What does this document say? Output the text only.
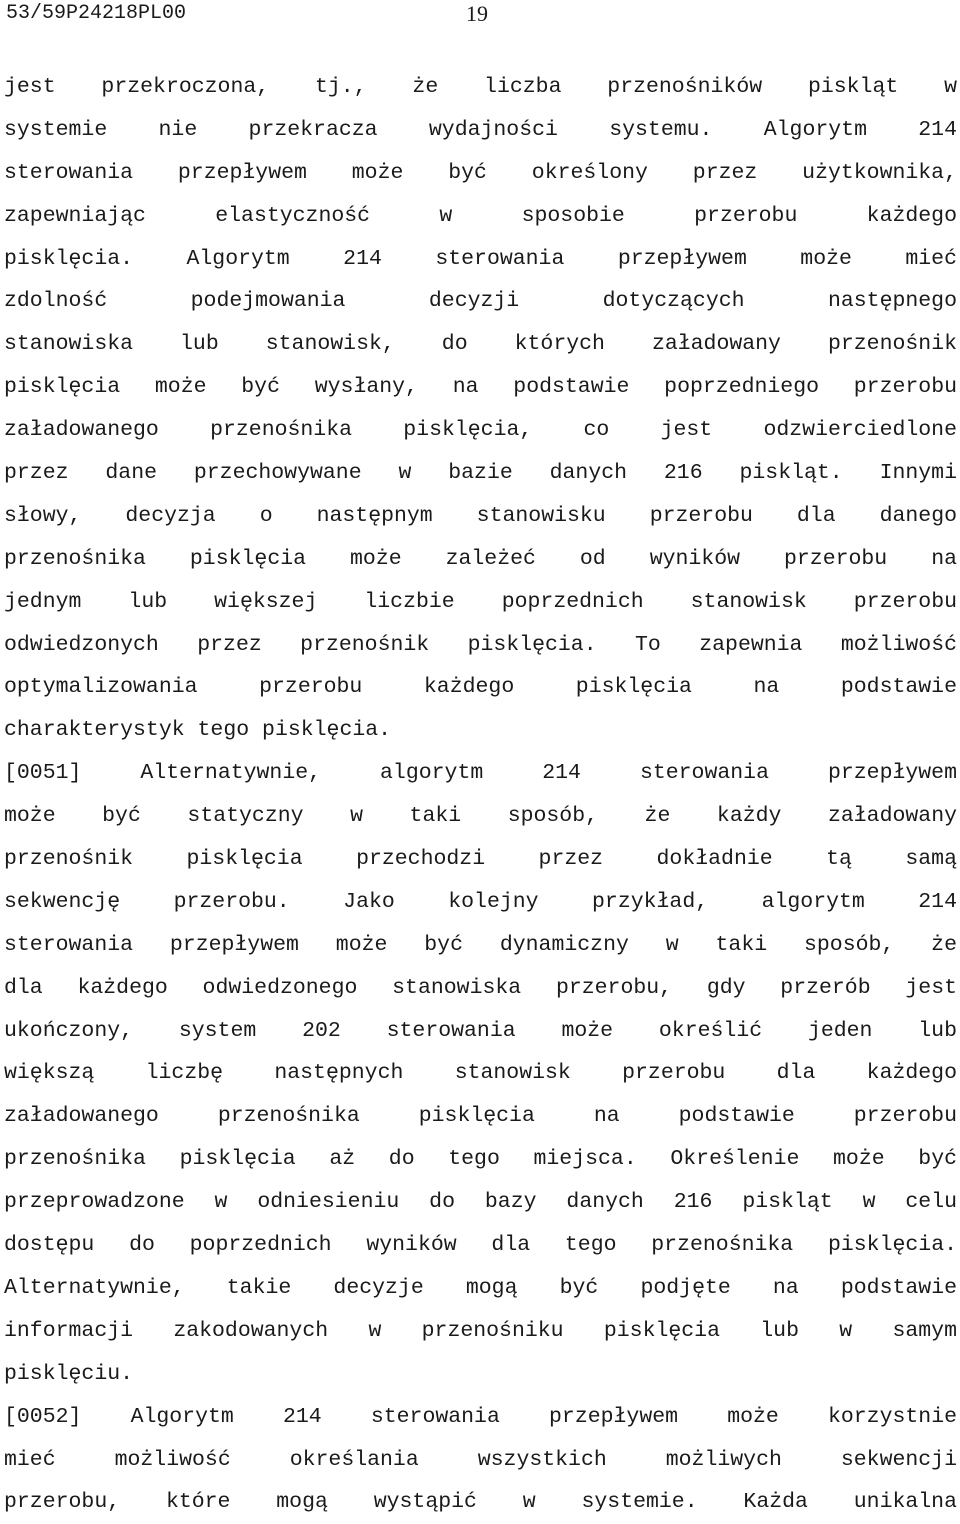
53/59P24218PL00	19
jest przekroczona, tj., że liczba przenośników piskląt w
systemie nie przekracza wydajności systemu. Algorytm 214
sterowania przepływem może być określony przez użytkownika,
zapewniając elastyczność w sposobie przerobu każdego
pisklęcia. Algorytm 214 sterowania przepływem może mieć
zdolność podejmowania decyzji dotyczących następnego
stanowiska lub stanowisk, do których załadowany przenośnik
pisklęcia może być wysłany, na podstawie poprzedniego przerobu
załadowanego przenośnika pisklęcia, co jest odzwierciedlone
przez dane przechowywane w bazie danych 216 piskląt. Innymi
słowy, decyzja o następnym stanowisku przerobu dla danego
przenośnika pisklęcia może zależeć od wyników przerobu na
jednym lub większej liczbie poprzednich stanowisk przerobu
odwiedzonych przez przenośnik pisklęcia. To zapewnia możliwość
optymalizowania przerobu każdego pisklęcia na podstawie
charakterystyk tego pisklęcia.
[0051] Alternatywnie, algorytm 214 sterowania przepływem
może być statyczny w taki sposób, że każdy załadowany
przenośnik pisklęcia przechodzi przez dokładnie tą samą
sekwencję przerobu. Jako kolejny przykład, algorytm 214
sterowania przepływem może być dynamiczny w taki sposób, że
dla każdego odwiedzonego stanowiska przerobu, gdy przerób jest
ukończony, system 202 sterowania może określić jeden lub
większą liczbę następnych stanowisk przerobu dla każdego
załadowanego przenośnika pisklęcia na podstawie przerobu
przenośnika pisklęcia aż do tego miejsca. Określenie może być
przeprowadzone w odniesieniu do bazy danych 216 piskląt w celu
dostępu do poprzednich wyników dla tego przenośnika pisklęcia.
Alternatywnie, takie decyzje mogą być podjęte na podstawie
informacji zakodowanych w przenośniku pisklęcia lub w samym
pisklęciu.
[0052] Algorytm 214 sterowania przepływem może korzystnie
mieć możliwość określania wszystkich możliwych sekwencji
przerobu, które mogą wystąpić w systemie. Każda unikalna
